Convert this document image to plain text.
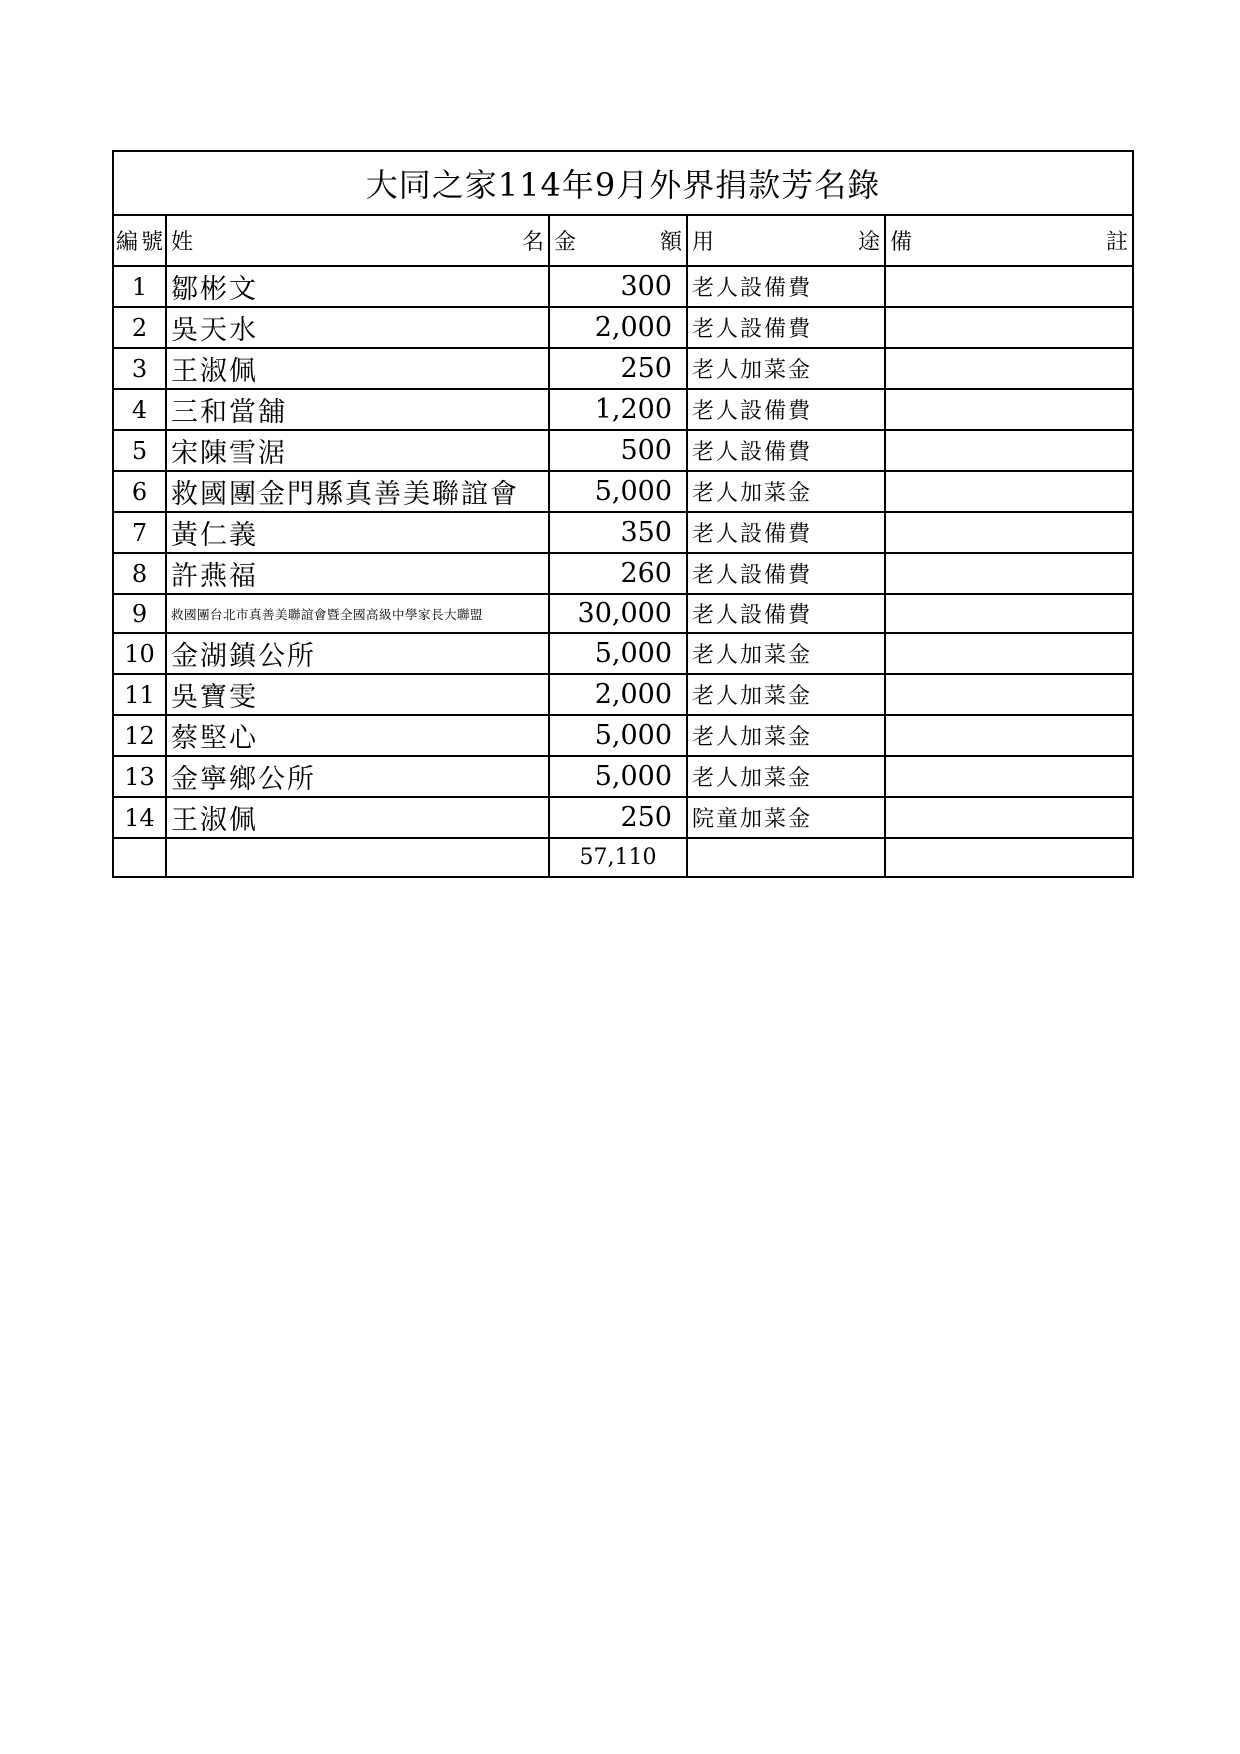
大同之家114年9月外界捐款芳名錄				

編 號	姓 名	金 額	用 途	備 註

1	鄒彬文	300	老人設備費	
2	吳天水	2,000	老人設備費	
3	王淑佩	250	老人加菜金	
4	三和當舖	1,200	老人設備費	
5	宋陳雪涺	500	老人設備費	
6	救國團金門縣真善美聯誼會	5,000	老人加菜金	
7	黃仁義	350	老人設備費	
8	許燕福	260	老人設備費	
9	救國團台北市真善美聯誼會暨全國高級中學家長大聯盟	30,000	老人設備費	
10	金湖鎮公所	5,000	老人加菜金	
11	吳寶雯	2,000	老人加菜金	
12	蔡堅心	5,000	老人加菜金	
13	金寧鄉公所	5,000	老人加菜金	
14	王淑佩	250	院童加菜金	
		57,110		
